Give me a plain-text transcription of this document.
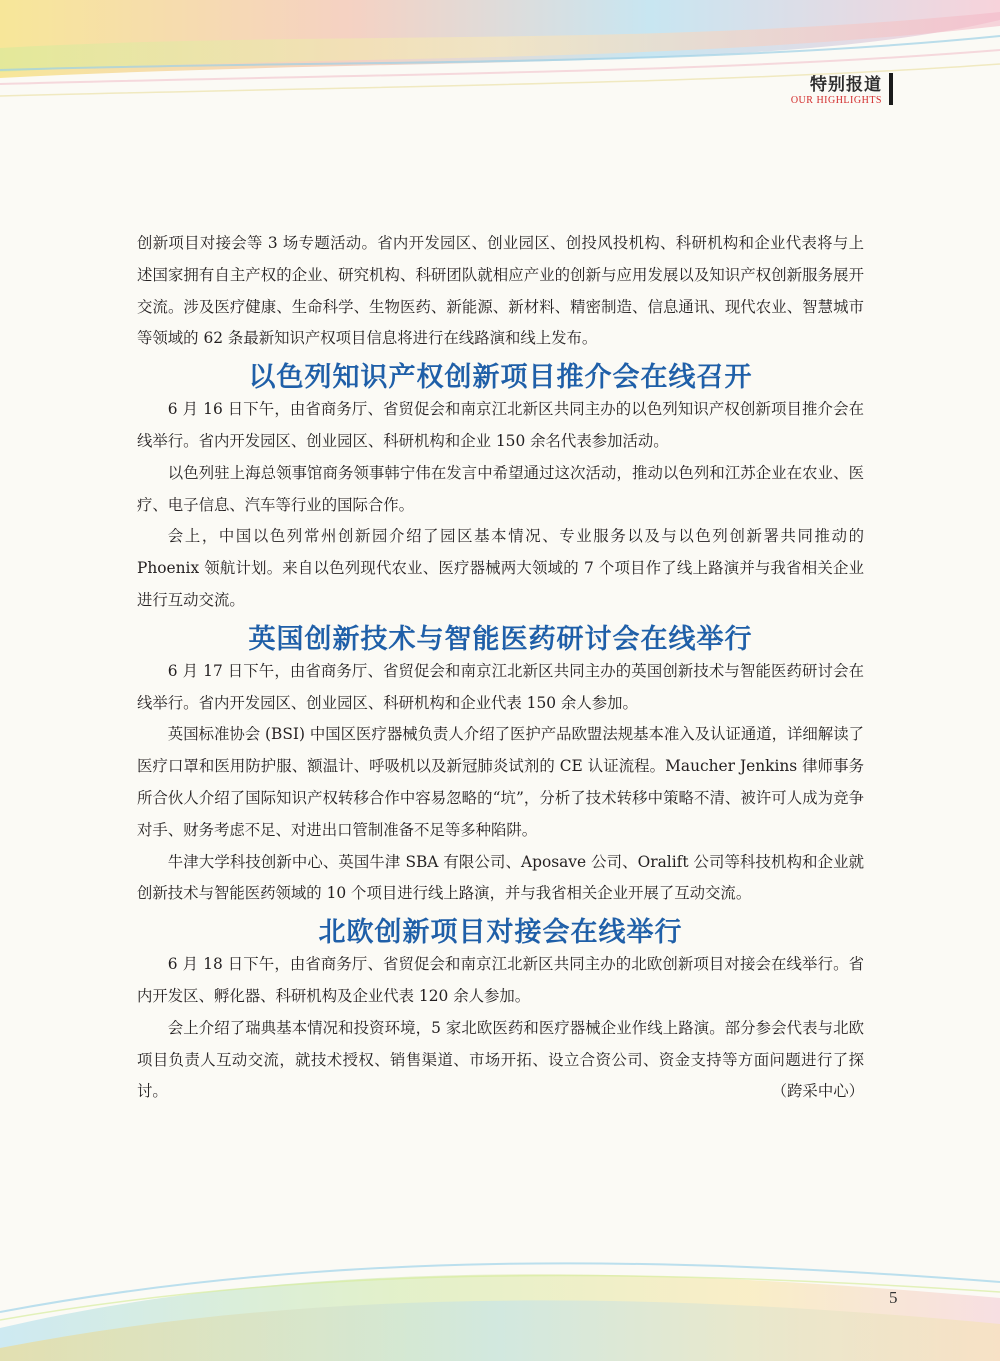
特别报道
OUR HIGHLIGHTS

创新项目对接会等 3 场专题活动。省内开发园区、创业园区、创投风投机构、科研机构和企业代表将与上述国家拥有自主产权的企业、研究机构、科研团队就相应产业的创新与应用发展以及知识产权创新服务展开交流。涉及医疗健康、生命科学、生物医药、新能源、新材料、精密制造、信息通讯、现代农业、智慧城市等领域的 62 条最新知识产权项目信息将进行在线路演和线上发布。

以色列知识产权创新项目推介会在线召开

6 月 16 日下午，由省商务厅、省贸促会和南京江北新区共同主办的以色列知识产权创新项目推介会在线举行。省内开发园区、创业园区、科研机构和企业 150 余名代表参加活动。

以色列驻上海总领事馆商务领事韩宁伟在发言中希望通过这次活动，推动以色列和江苏企业在农业、医疗、电子信息、汽车等行业的国际合作。

会上，中国以色列常州创新园介绍了园区基本情况、专业服务以及与以色列创新署共同推动的 Phoenix 领航计划。来自以色列现代农业、医疗器械两大领域的 7 个项目作了线上路演并与我省相关企业进行互动交流。

英国创新技术与智能医药研讨会在线举行

6 月 17 日下午，由省商务厅、省贸促会和南京江北新区共同主办的英国创新技术与智能医药研讨会在线举行。省内开发园区、创业园区、科研机构和企业代表 150 余人参加。

英国标准协会 (BSI) 中国区医疗器械负责人介绍了医护产品欧盟法规基本准入及认证通道，详细解读了医疗口罩和医用防护服、额温计、呼吸机以及新冠肺炎试剂的 CE 认证流程。Maucher Jenkins 律师事务所合伙人介绍了国际知识产权转移合作中容易忽略的“坑”，分析了技术转移中策略不清、被许可人成为竞争对手、财务考虑不足、对进出口管制准备不足等多种陷阱。

牛津大学科技创新中心、英国牛津 SBA 有限公司、Aposave 公司、Oralift 公司等科技机构和企业就创新技术与智能医药领域的 10 个项目进行线上路演，并与我省相关企业开展了互动交流。

北欧创新项目对接会在线举行

6 月 18 日下午，由省商务厅、省贸促会和南京江北新区共同主办的北欧创新项目对接会在线举行。省内开发区、孵化器、科研机构及企业代表 120 余人参加。

会上介绍了瑞典基本情况和投资环境，5 家北欧医药和医疗器械企业作线上路演。部分参会代表与北欧项目负责人互动交流，就技术授权、销售渠道、市场开拓、设立合资公司、资金支持等方面问题进行了探讨。	（跨采中心）

5
